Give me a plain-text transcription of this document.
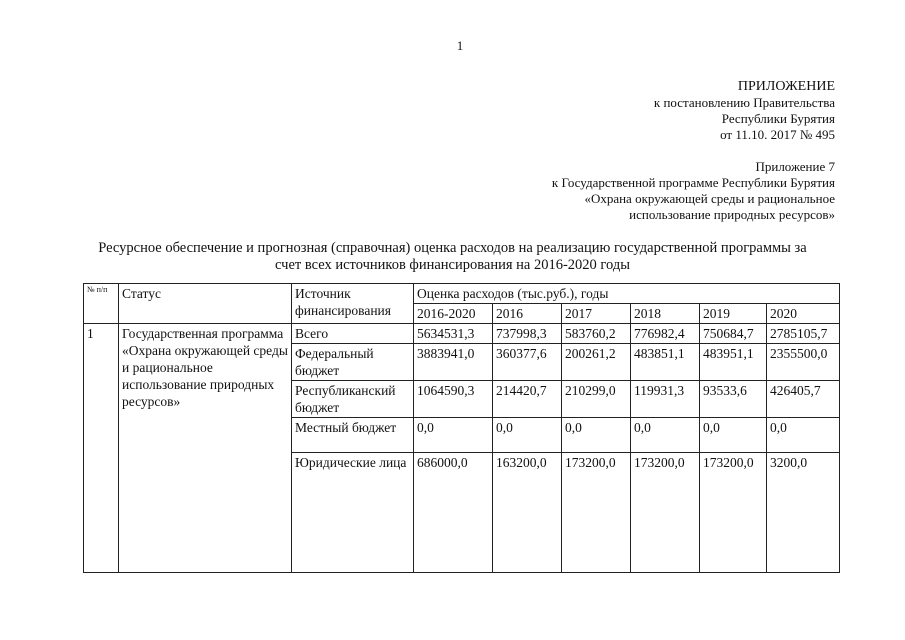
1
ПРИЛОЖЕНИЕ
к постановлению Правительства
Республики Бурятия
от 11.10. 2017 № 495
Приложение 7
к Государственной программе Республики Бурятия
«Охрана окружающей среды и рациональное
использование природных ресурсов»
Ресурсное обеспечение и прогнозная (справочная) оценка расходов на реализацию государственной программы за
счет всех источников финансирования на 2016-2020 годы
№ п/п	Статус	Источник финансирования	Оценка расходов (тыс.руб.), годы					
			2016-2020	2016	2017	2018	2019	2020
1	Государственная программа «Охрана окружающей среды и рациональное использование природных ресурсов»	Всего	5634531,3	737998,3	583760,2	776982,4	750684,7	2785105,7
		Федеральный бюджет	3883941,0	360377,6	200261,2	483851,1	483951,1	2355500,0
		Республиканский бюджет	1064590,3	214420,7	210299,0	119931,3	93533,6	426405,7
		Местный бюджет	0,0	0,0	0,0	0,0	0,0	0,0
		Юридические лица	686000,0	163200,0	173200,0	173200,0	173200,0	3200,0
